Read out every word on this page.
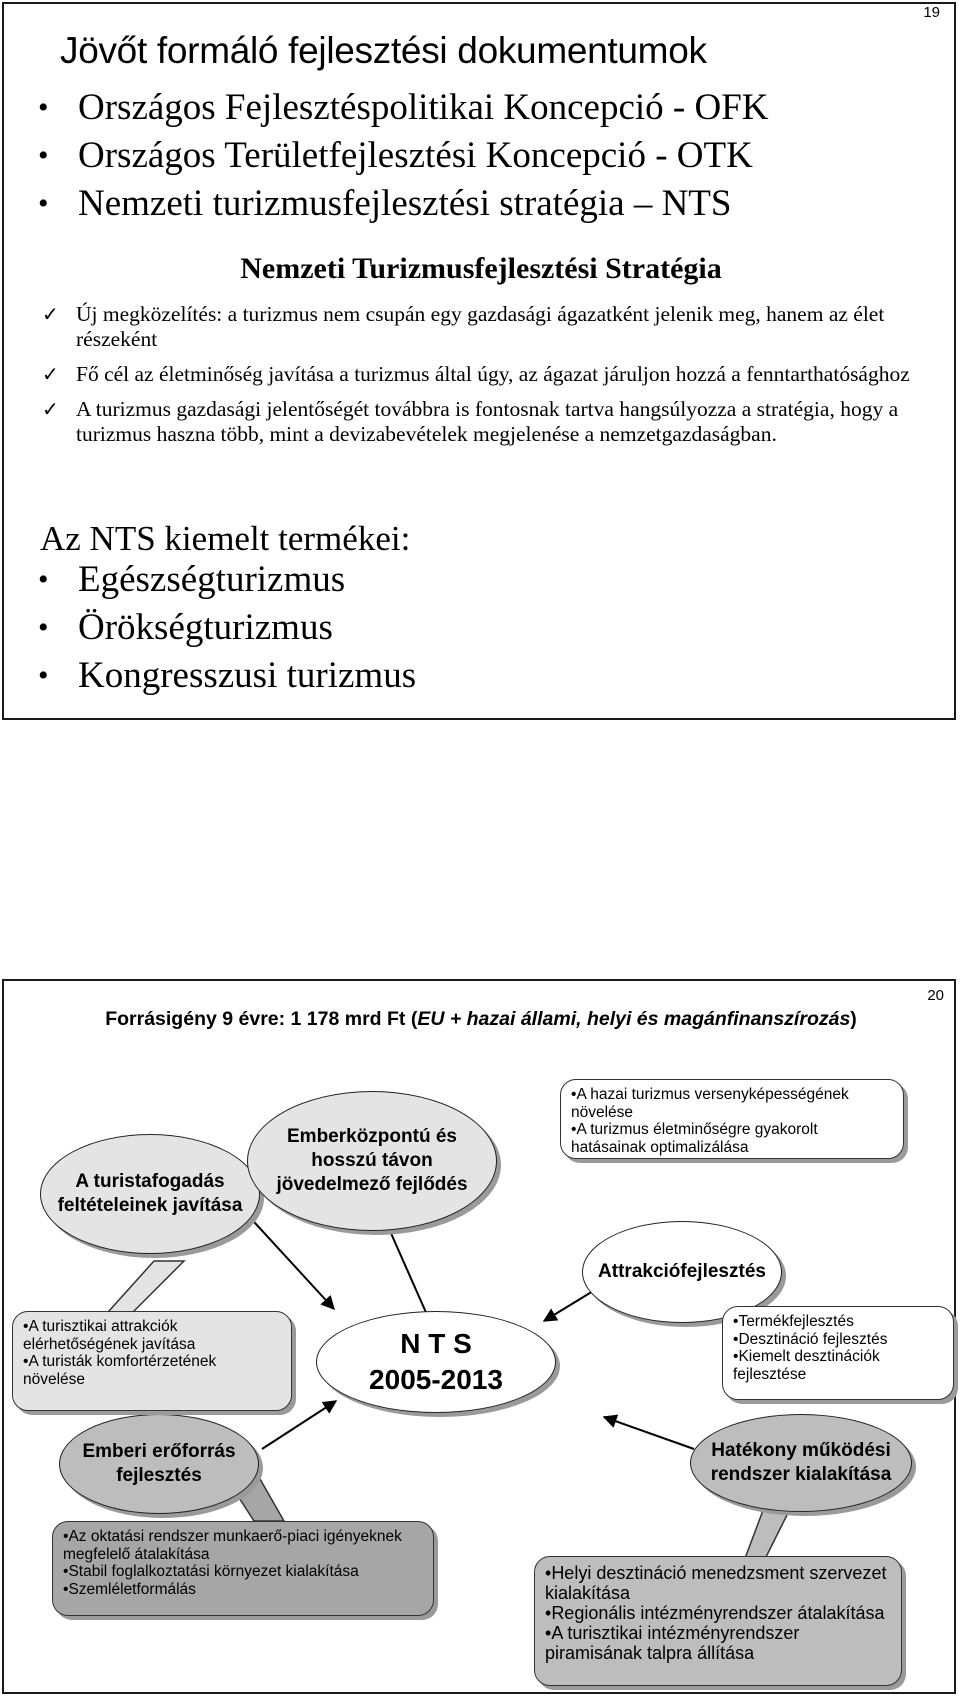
19
Jövőt formáló fejlesztési dokumentumok
• Országos Fejlesztéspolitikai Koncepció - OFK
• Országos Területfejlesztési Koncepció - OTK
• Nemzeti turizmusfejlesztési stratégia – NTS
Nemzeti Turizmusfejlesztési Stratégia
✓ Új megközelítés: a turizmus nem csupán egy gazdasági ágazatként jelenik meg, hanem az élet részeként
✓ Fő cél az életminőség javítása a turizmus által úgy, az ágazat járuljon hozzá a fenntarthatósághoz
✓ A turizmus gazdasági jelentőségét továbbra is fontosnak tartva hangsúlyozza a stratégia, hogy a turizmus haszna több, mint a devizabevételek megjelenése a nemzetgazdaságban.
Az NTS kiemelt termékei:
• Egészségturizmus
• Örökségturizmus
• Kongresszusi turizmus
20
Forrásigény 9 évre: 1 178 mrd Ft (EU + hazai állami, helyi és magánfinanszírozás)
A turistafogadás
feltételeinek javítása
Emberközpontú és
hosszú távon
jövedelmező fejlődés
Attrakciófejlesztés
N T S
2005-2013
Emberi erőforrás
fejlesztés
Hatékony működési
rendszer kialakítása
• A hazai turizmus versenyképességének növelése
• A turizmus életminőségre gyakorolt hatásainak optimalizálása
• A turisztikai attrakciók elérhetőségének javítása
• A turisták komfortérzetének növelése
• Termékfejlesztés
• Desztináció fejlesztés
• Kiemelt desztinációk fejlesztése
• Az oktatási rendszer munkaerő-piaci igényeknek megfelelő átalakítása
• Stabil foglalkoztatási környezet kialakítása
• Szemléletformálás
• Helyi desztináció menedzsment szervezet kialakítása
• Regionális intézményrendszer átalakítása
• A turisztikai intézményrendszer piramisának talpra állítása
